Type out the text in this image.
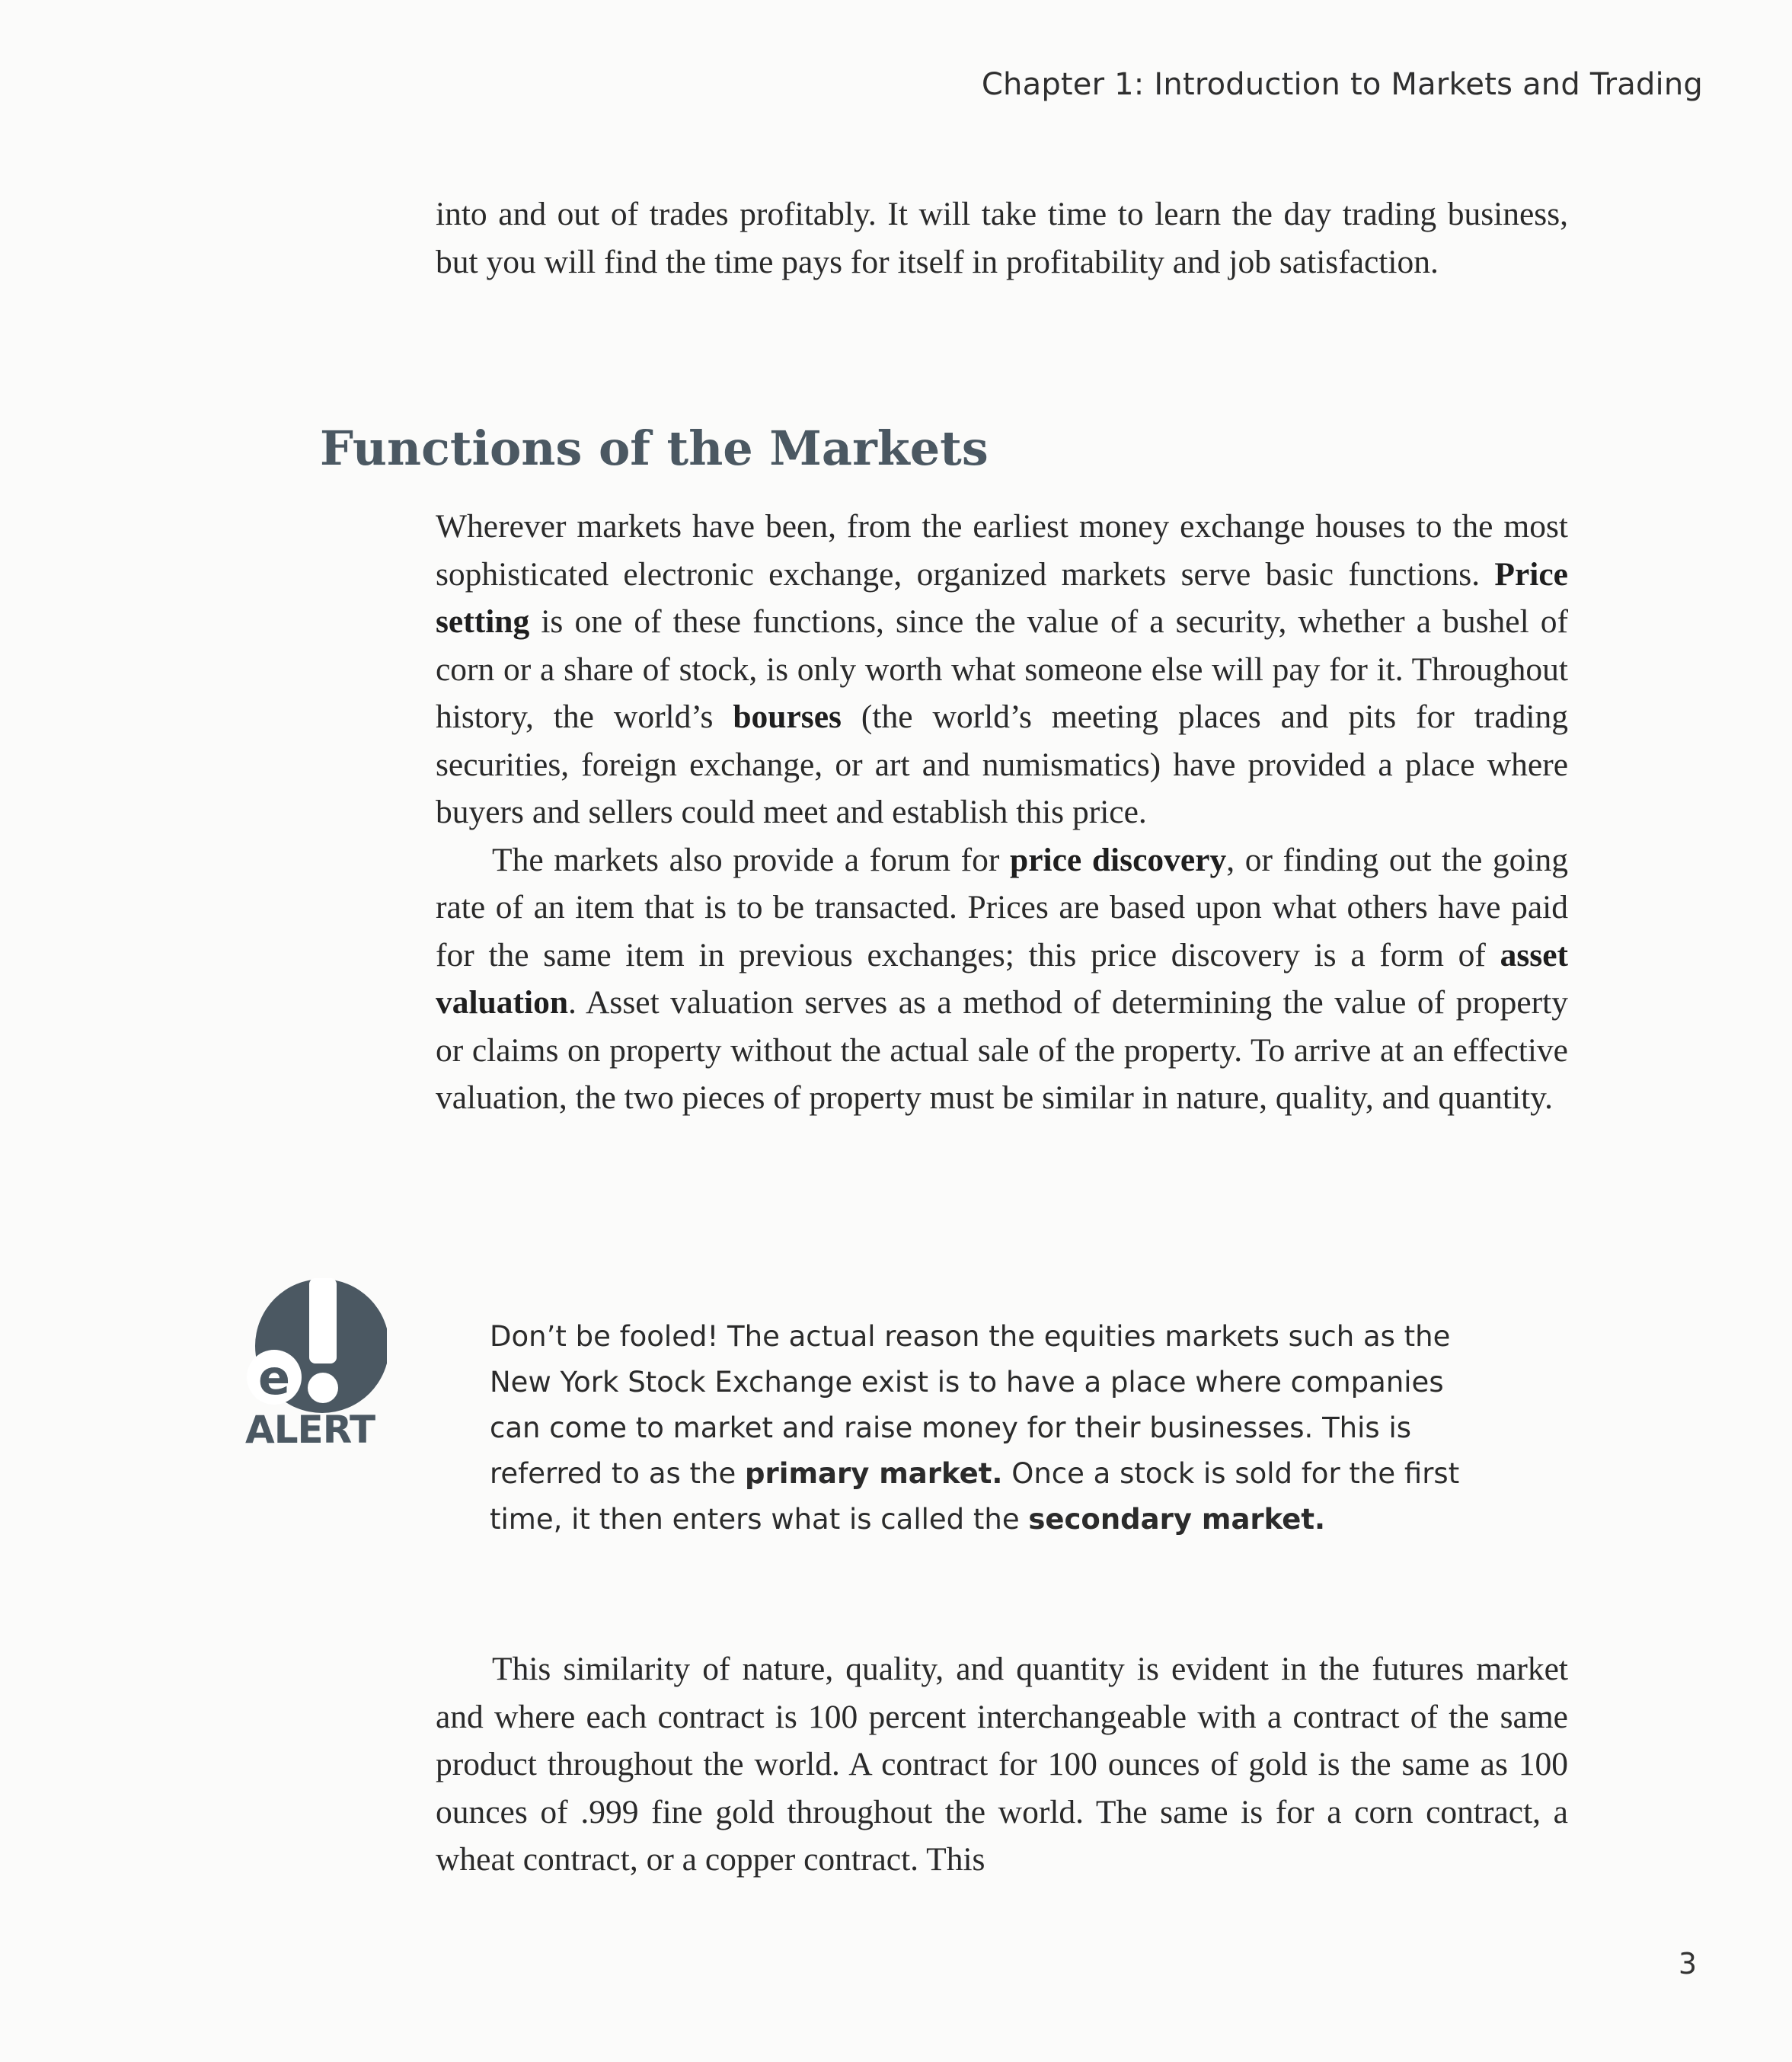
Chapter 1: Introduction to Markets and Trading

into and out of trades profitably. It will take time to learn the day trading business, but you will find the time pays for itself in profitability and job satisfaction.

Functions of the Markets

Wherever markets have been, from the earliest money exchange houses to the most sophisticated electronic exchange, organized markets serve basic functions. Price setting is one of these functions, since the value of a security, whether a bushel of corn or a share of stock, is only worth what someone else will pay for it. Throughout history, the world’s bourses (the world’s meeting places and pits for trading securities, foreign exchange, or art and numismatics) have provided a place where buyers and sellers could meet and establish this price.

The markets also provide a forum for price discovery, or finding out the going rate of an item that is to be transacted. Prices are based upon what others have paid for the same item in previous exchanges; this price discovery is a form of asset valuation. Asset valuation serves as a method of determining the value of property or claims on property without the actual sale of the property. To arrive at an effective valuation, the two pieces of property must be similar in nature, quality, and quantity.

e
ALERT

Don’t be fooled! The actual reason the equities markets such as the New York Stock Exchange exist is to have a place where companies can come to market and raise money for their businesses. This is referred to as the primary market. Once a stock is sold for the first time, it then enters what is called the secondary market.

This similarity of nature, quality, and quantity is evident in the futures market and where each contract is 100 percent interchangeable with a contract of the same product throughout the world. A contract for 100 ounces of gold is the same as 100 ounces of .999 fine gold throughout the world. The same is for a corn contract, a wheat contract, or a copper contract. This

3
